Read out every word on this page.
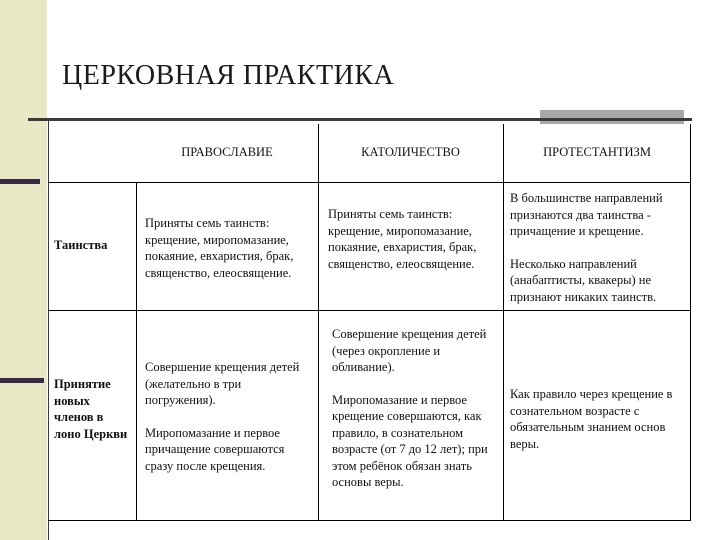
ЦЕРКОВНАЯ ПРАКТИКА
ПРАВОСЛАВИЕ	КАТОЛИЧЕСТВО	ПРОТЕСТАНТИЗМ
Таинства
Приняты семь таинств: крещение, миропомазание, покаяние, евхаристия, брак, священство, елеосвящение.
Приняты семь таинств: крещение, миропомазание, покаяние, евхаристия, брак, священство, елеосвящение.

В большинстве направлений признаются два таинства - причащение и крещение.

Несколько направлений (анабаптисты, квакеры) не признают никаких таинств.

Принятие новых членов в лоно Церкви

Совершение крещения детей (желательно в три погружения).

Миропомазание и первое причащение совершаются сразу после крещения.

Совершение крещения детей (через окропление и обливание).

Миропомазание и первое крещение совершаются, как правило, в сознательном возрасте (от 7 до 12 лет); при этом ребёнок обязан знать основы веры.

Как правило через крещение в сознательном возрасте с обязательным знанием основ веры.
